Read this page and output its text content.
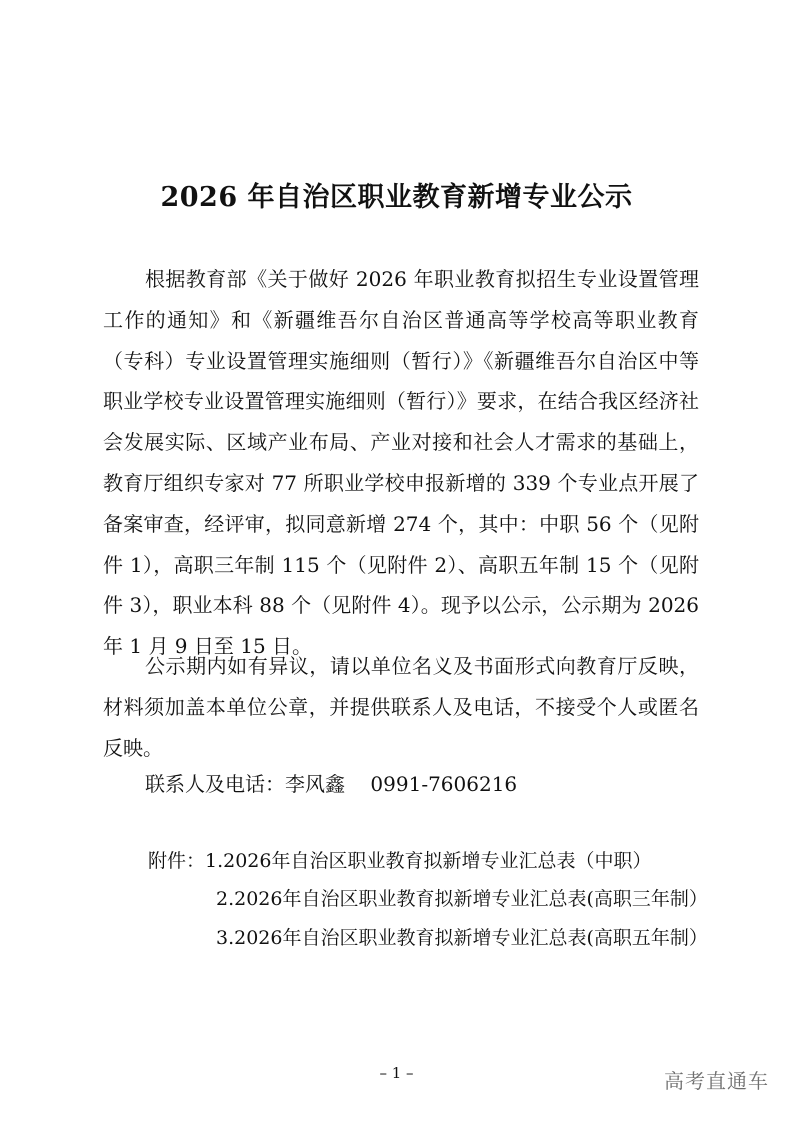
2026 年自治区职业教育新增专业公示

根据教育部《关于做好 2026 年职业教育拟招生专业设置管理工作的通知》和《新疆维吾尔自治区普通高等学校高等职业教育（专科）专业设置管理实施细则（暂行）》《新疆维吾尔自治区中等职业学校专业设置管理实施细则（暂行）》要求，在结合我区经济社会发展实际、区域产业布局、产业对接和社会人才需求的基础上，教育厅组织专家对 77 所职业学校申报新增的 339 个专业点开展了备案审查，经评审，拟同意新增 274 个，其中：中职 56 个（见附件 1），高职三年制 115 个（见附件 2）、高职五年制 15 个（见附件 3），职业本科 88 个（见附件 4）。现予以公示，公示期为 2026 年 1 月 9 日至 15 日。

公示期内如有异议，请以单位名义及书面形式向教育厅反映，材料须加盖本单位公章，并提供联系人及电话，不接受个人或匿名反映。

联系人及电话：李风鑫    0991-7606216

附件：1.2026年自治区职业教育拟新增专业汇总表（中职）

2.2026年自治区职业教育拟新增专业汇总表(高职三年制）

3.2026年自治区职业教育拟新增专业汇总表(高职五年制）

– 1 –	高考直通车
